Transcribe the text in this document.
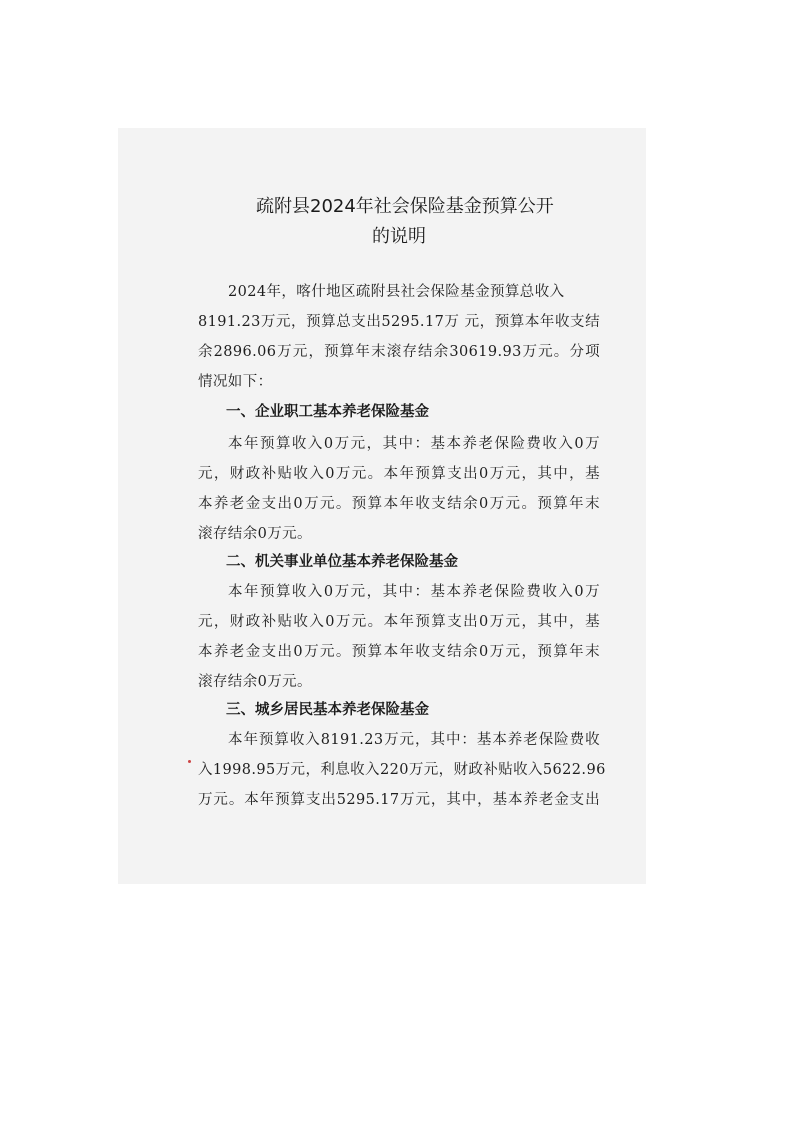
疏附县2024年社会保险基金预算公开
的说明
2024年，喀什地区疏附县社会保险基金预算总收入
8191.23万元，预算总支出5295.17万 元，预算本年收支结
余2896.06万元，预算年末滚存结余30619.93万元。分项
情况如下：
一、企业职工基本养老保险基金
本年预算收入0万元，其中：基本养老保险费收入0万
元，财政补贴收入0万元。本年预算支出0万元，其中，基
本养老金支出0万元。预算本年收支结余0万元。预算年末
滚存结余0万元。
二、机关事业单位基本养老保险基金
本年预算收入0万元，其中：基本养老保险费收入0万
元，财政补贴收入0万元。本年预算支出0万元，其中，基
本养老金支出0万元。预算本年收支结余0万元，预算年末
滚存结余0万元。
三、城乡居民基本养老保险基金
本年预算收入8191.23万元，其中：基本养老保险费收
入1998.95万元，利息收入220万元，财政补贴收入5622.96
万元。本年预算支出5295.17万元，其中，基本养老金支出
